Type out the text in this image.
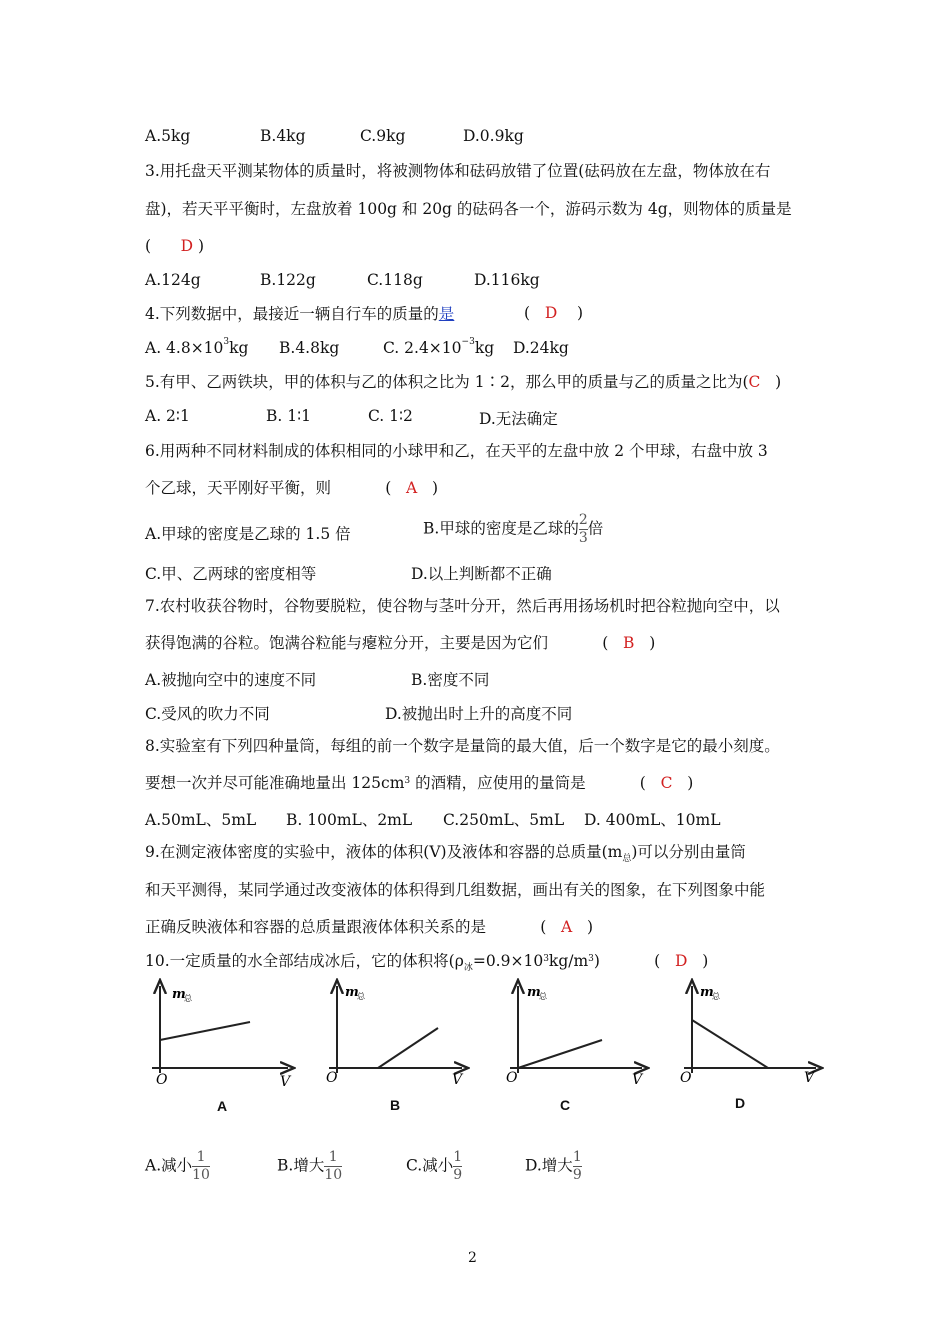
A.5kg	B.4kg	C.9kg	D.0.9kg
3.用托盘天平测某物体的质量时，将被测物体和砝码放错了位置(砝码放在左盘，物体放在右
盘)，若天平平衡时，左盘放着 100g 和 20g 的砝码各一个，游码示数为 4g，则物体的质量是
( D )
A.124g	B.122g	C.118g	D.116kg
4.下列数据中，最接近一辆自行车的质量的是	(   D    )
A. $4.8\times 10^3kg$ B.4.8kg	C. $2.4\times 10^{-3}kg$ D.24kg
5.有甲、乙两铁块，甲的体积与乙的体积之比为 1∶2，那么甲的质量与乙的质量之比为(C )
A. 2∶1	B. 1∶1	C. 1∶2	D.无法确定
6.用两种不同材料制成的体积相同的小球甲和乙，在天平的左盘中放 2 个甲球，右盘中放 3
个乙球，天平刚好平衡，则           (   A   )
A.甲球的密度是乙球的 1.5 倍	B.甲球的密度是乙球的 $\frac{2}{3}$ 倍
C.甲、乙两球的密度相等	D.以上判断都不正确
7.农村收获谷物时，谷物要脱粒，使谷物与茎叶分开，然后再用扬场机时把谷粒抛向空中，以
获得饱满的谷粒。饱满谷粒能与瘪粒分开，主要是因为它们           (   B   )
A.被抛向空中的速度不同	B.密度不同
C.受风的吹力不同	D.被抛出时上升的高度不同
8.实验室有下列四种量筒，每组的前一个数字是量筒的最大值，后一个数字是它的最小刻度。
要想一次并尽可能准确地量出 $125cm^3$ 的酒精，应使用的量筒是           (   C   )
A.50mL、5mL B. 100mL、2mL C.250mL、5mL D. 400mL、10mL
9.在测定液体密度的实验中，液体的体积(V)及液体和容器的总质量$(m_总)$可以分别由量筒
和天平测得，某同学通过改变液体的体积得到几组数据，画出有关的图象，在下列图象中能
正确反映液体和容器的总质量跟液体体积关系的是           (   A   )
10.一定质量的水全部结成冰后，它的体积将$(\rho_冰=0.9\times 10^3kg/m^3)$           (   D   )
m
总
V
O
m
总
V
O
m
总
V
O
m
总
V
O
A	B	C	D
A.减小 $\frac{1}{10}$	B.增大 $\frac{1}{10}$	C.减小 $\frac{1}{9}$	D.增大 $\frac{1}{9}$
2
